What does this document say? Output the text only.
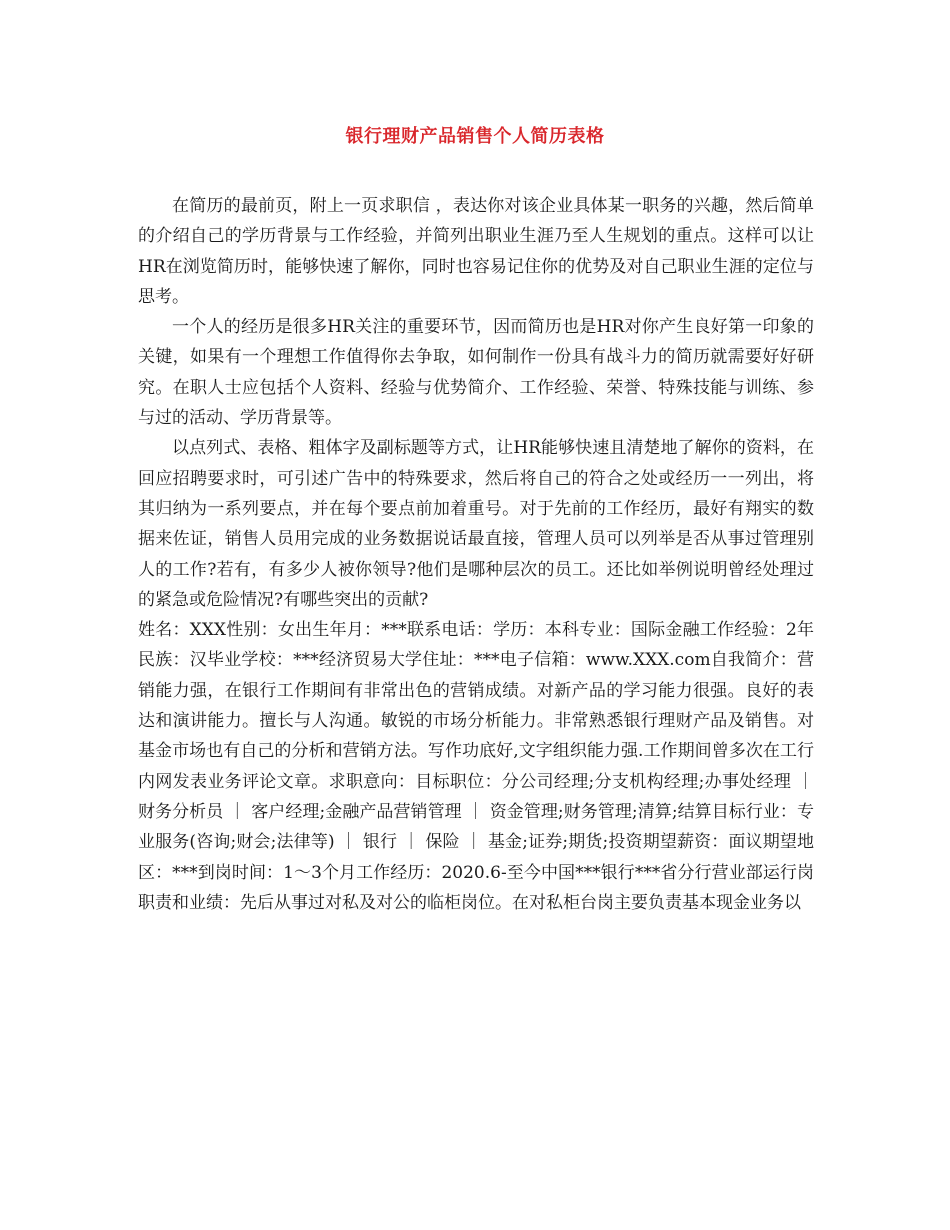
银行理财产品销售个人简历表格

在简历的最前页，附上一页求职信 ，表达你对该企业具体某一职务的兴趣，然后简单的介绍自己的学历背景与工作经验，并简列出职业生涯乃至人生规划的重点。这样可以让HR在浏览简历时，能够快速了解你，同时也容易记住你的优势及对自己职业生涯的定位与思考。

一个人的经历是很多HR关注的重要环节，因而简历也是HR对你产生良好第一印象的关键，如果有一个理想工作值得你去争取，如何制作一份具有战斗力的简历就需要好好研究。在职人士应包括个人资料、经验与优势简介、工作经验、荣誉、特殊技能与训练、参与过的活动、学历背景等。

以点列式、表格、粗体字及副标题等方式，让HR能够快速且清楚地了解你的资料，在回应招聘要求时，可引述广告中的特殊要求，然后将自己的符合之处或经历一一列出，将其归纳为一系列要点，并在每个要点前加着重号。对于先前的工作经历，最好有翔实的数据来佐证，销售人员用完成的业务数据说话最直接，管理人员可以列举是否从事过管理别人的工作?若有，有多少人被你领导?他们是哪种层次的员工。还比如举例说明曾经处理过的紧急或危险情况?有哪些突出的贡献?

姓名：XXX性别：女出生年月：***联系电话：学历：本科专业：国际金融工作经验：2年民族：汉毕业学校：***经济贸易大学住址：***电子信箱：www.XXX.com自我简介：营销能力强，在银行工作期间有非常出色的营销成绩。对新产品的学习能力很强。良好的表达和演讲能力。擅长与人沟通。敏锐的市场分析能力。非常熟悉银行理财产品及销售。对基金市场也有自己的分析和营销方法。写作功底好,文字组织能力强.工作期间曾多次在工行内网发表业务评论文章。求职意向：目标职位：分公司经理;分支机构经理;办事处经理 ｜ 财务分析员 ｜ 客户经理;金融产品营销管理 ｜ 资金管理;财务管理;清算;结算目标行业：专业服务(咨询;财会;法律等) ｜ 银行 ｜ 保险 ｜ 基金;证券;期货;投资期望薪资：面议期望地区：***到岗时间：1～3个月工作经历：2020.6-至今中国***银行***省分行营业部运行岗职责和业绩：先后从事过对私及对公的临柜岗位。在对私柜台岗主要负责基本现金业务以
